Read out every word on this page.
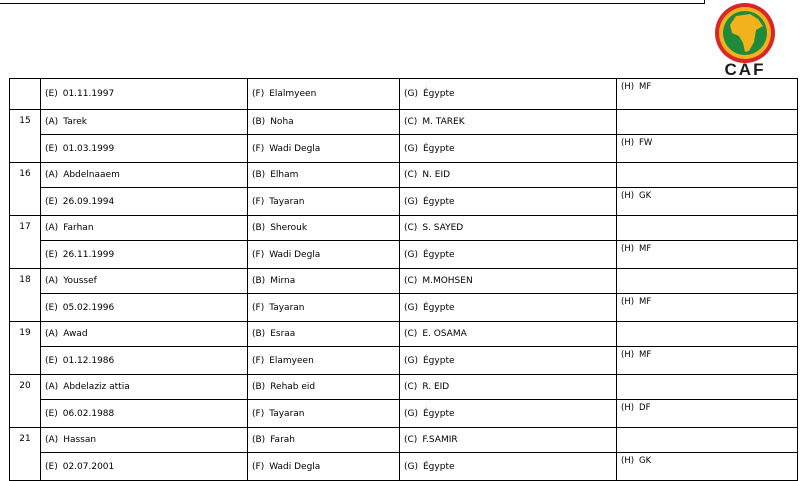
CAF
	(E) 01.11.1997	(F) Elalmyeen	(G) Égypte	(H) MF
15	(A) Tarek	(B) Noha	(C) M. TAREK	
	(E) 01.03.1999	(F) Wadi Degla	(G) Égypte	(H) FW
16	(A) Abdelnaaem	(B) Elham	(C) N. EID	
	(E) 26.09.1994	(F) Tayaran	(G) Égypte	(H) GK
17	(A) Farhan	(B) Sherouk	(C) S. SAYED	
	(E) 26.11.1999	(F) Wadi Degla	(G) Égypte	(H) MF
18	(A) Youssef	(B) Mirna	(C) M.MOHSEN	
	(E) 05.02.1996	(F) Tayaran	(G) Égypte	(H) MF
19	(A) Awad	(B) Esraa	(C) E. OSAMA	
	(E) 01.12.1986	(F) Elamyeen	(G) Égypte	(H) MF
20	(A) Abdelaziz attia	(B) Rehab eid	(C) R. EID	
	(E) 06.02.1988	(F) Tayaran	(G) Égypte	(H) DF
21	(A) Hassan	(B) Farah	(C) F.SAMIR	
	(E) 02.07.2001	(F) Wadi Degla	(G) Égypte	(H) GK
